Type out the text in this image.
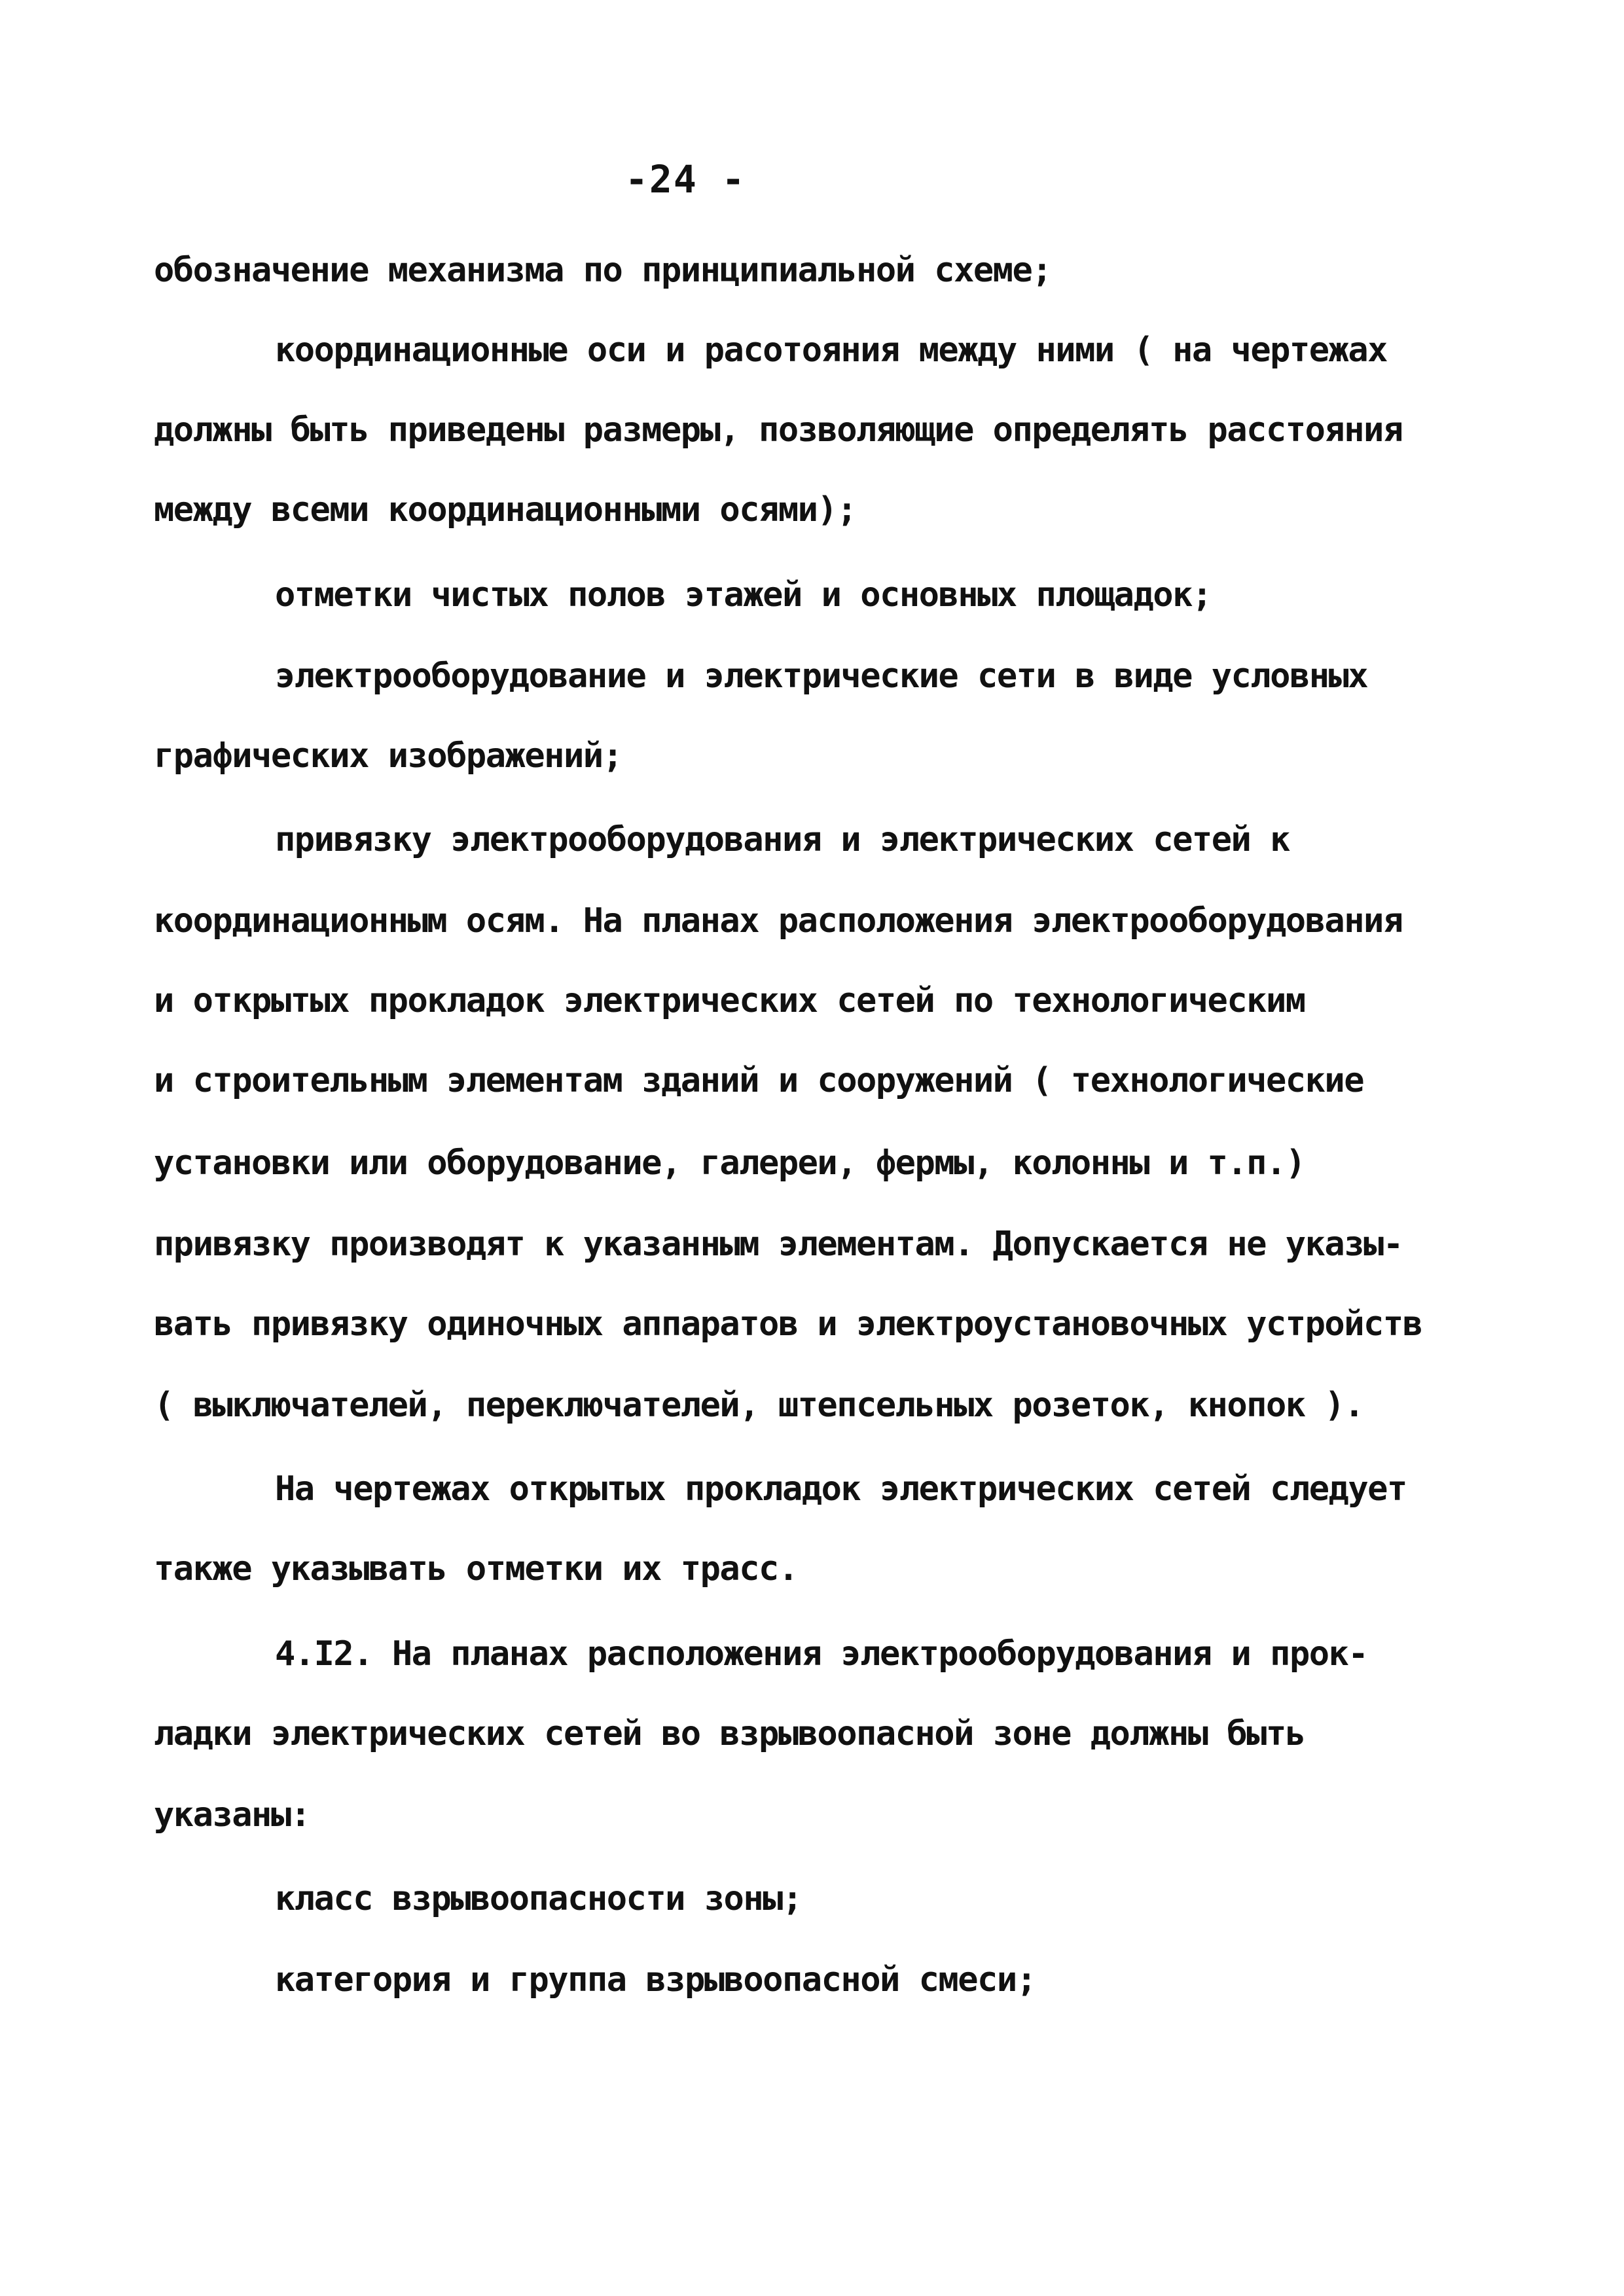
-24 -
обозначение механизма по принципиальной схеме;
координационные оси и расотояния между ними ( на чертежах
должны быть приведены размеры, позволяющие определять расстояния
между всеми координационными осями);
отметки чистых полов этажей и основных площадок;
электрооборудование и электрические сети в виде условных
графических изображений;
привязку электрооборудования и электрических сетей к
координационным осям. На планах расположения электрооборудования
и открытых прокладок электрических сетей по технологическим
и строительным элементам зданий и сооружений ( технологические
установки или оборудование, галереи, фермы, колонны и т.п.)
привязку производят к указанным элементам. Допускается не указы-
вать привязку одиночных аппаратов и электроустановочных устройств
( выключателей, переключателей, штепсельных розеток, кнопок ).
На чертежах открытых прокладок электрических сетей следует
также указывать отметки их трасс.
4.I2. На планах расположения электрооборудования и прок-
ладки электрических сетей во взрывоопасной зоне должны быть
указаны:
класс взрывоопасности зоны;
категория и группа взрывоопасной смеси;
